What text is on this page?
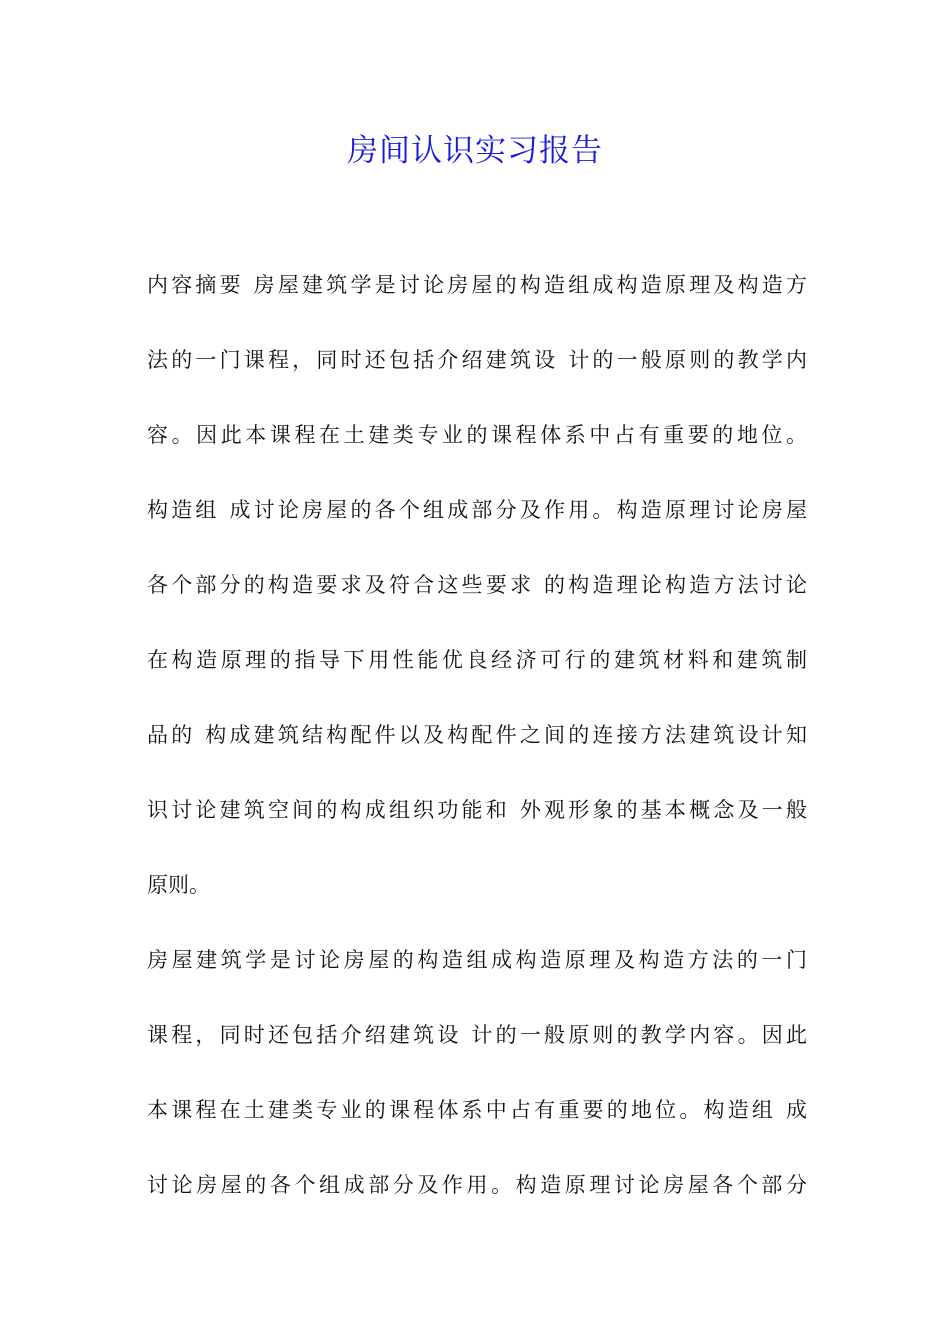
房间认识实习报告

内容摘要 房屋建筑学是讨论房屋的构造组成构造原理及构造方

法的一门课程，同时还包括介绍建筑设 计的一般原则的教学内

容。因此本课程在土建类专业的课程体系中占有重要的地位。

构造组 成讨论房屋的各个组成部分及作用。构造原理讨论房屋

各个部分的构造要求及符合这些要求 的构造理论构造方法讨论

在构造原理的指导下用性能优良经济可行的建筑材料和建筑制

品的 构成建筑结构配件以及构配件之间的连接方法建筑设计知

识讨论建筑空间的构成组织功能和 外观形象的基本概念及一般

原则。

房屋建筑学是讨论房屋的构造组成构造原理及构造方法的一门

课程，同时还包括介绍建筑设 计的一般原则的教学内容。因此

本课程在土建类专业的课程体系中占有重要的地位。构造组 成

讨论房屋的各个组成部分及作用。构造原理讨论房屋各个部分
